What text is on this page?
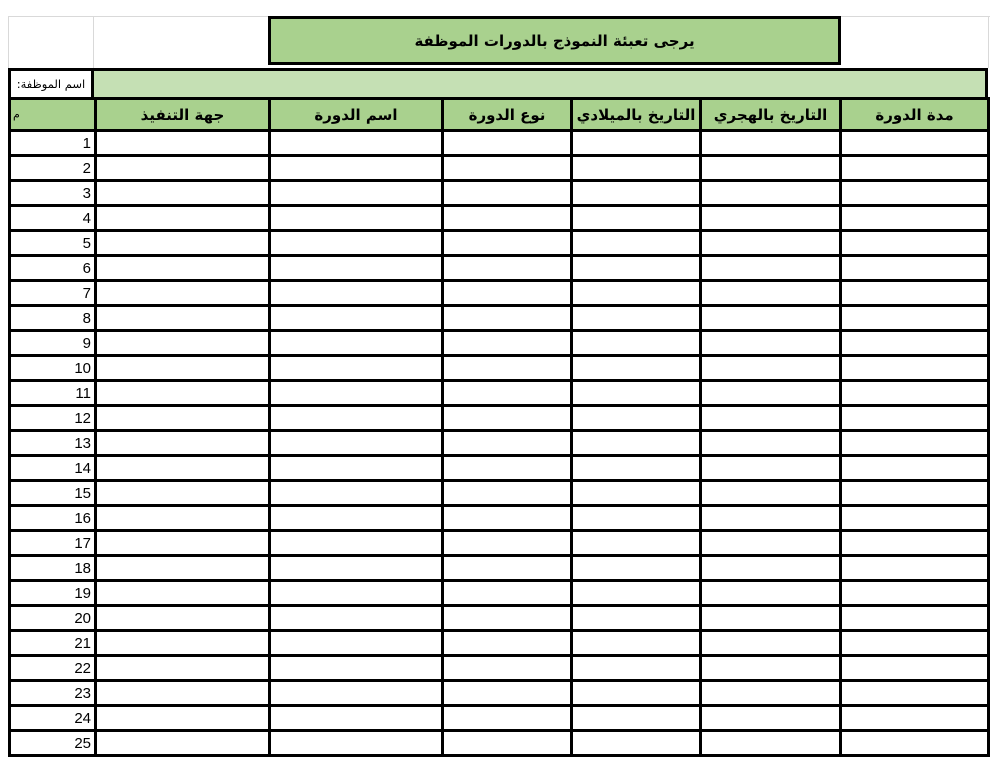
يرجى تعبئة النموذج بالدورات الموظفة
:اسم الموظفة
م	جهة التنفيذ	اسم الدورة	نوع الدورة	التاريخ بالميلادي	التاريخ بالهجري	مدة الدورة
1						
2						
3						
4						
5						
6						
7						
8						
9						
10						
11						
12						
13						
14						
15						
16						
17						
18						
19						
20						
21						
22						
23						
24						
25						
